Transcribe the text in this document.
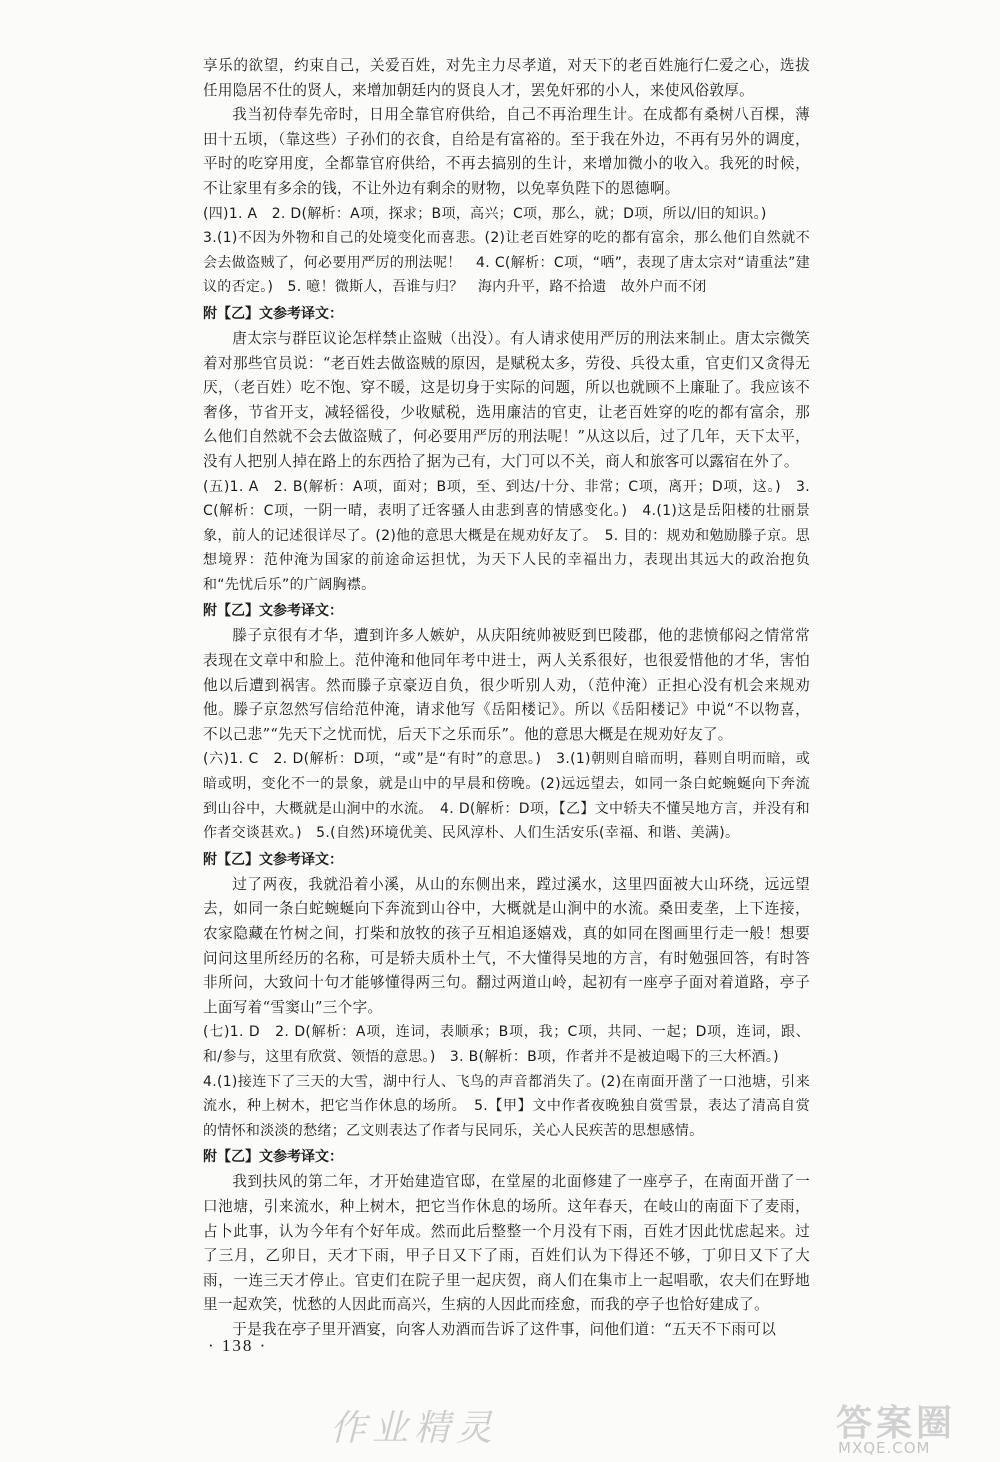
享乐的欲望，约束自己，关爱百姓，对先主力尽孝道，对天下的老百姓施行仁爱之心，选拔任用隐居不仕的贤人，来增加朝廷内的贤良人才，罢免奸邪的小人，来使风俗敦厚。

我当初侍奉先帝时，日用全靠官府供给，自己不再治理生计。在成都有桑树八百棵，薄田十五顷，（靠这些）子孙们的衣食，自给是有富裕的。至于我在外边，不再有另外的调度，平时的吃穿用度，全都靠官府供给，不再去搞别的生计，来增加微小的收入。我死的时候，不让家里有多余的钱，不让外边有剩余的财物，以免辜负陛下的恩德啊。

(四)1. A　2. D(解析：A项，探求；B项，高兴；C项，那么，就；D项，所以/旧的知识。)

3.(1)不因为外物和自己的处境变化而喜悲。(2)让老百姓穿的吃的都有富余，那么他们自然就不会去做盗贼了，何必要用严厉的刑法呢！　4. C(解析：C项，“哂”，表现了唐太宗对“请重法”建议的否定。)　5. 噫！微斯人，吾谁与归？　海内升平，路不拾遗　故外户而不闭

附【乙】文参考译文：

唐太宗与群臣议论怎样禁止盗贼（出没）。有人请求使用严厉的刑法来制止。唐太宗微笑着对那些官员说：“老百姓去做盗贼的原因，是赋税太多，劳役、兵役太重，官吏们又贪得无厌，（老百姓）吃不饱、穿不暖，这是切身于实际的问题，所以也就顾不上廉耻了。我应该不奢侈，节省开支，减轻徭役，少收赋税，选用廉洁的官吏，让老百姓穿的吃的都有富余，那么他们自然就不会去做盗贼了，何必要用严厉的刑法呢！”从这以后，过了几年，天下太平，没有人把别人掉在路上的东西拾了据为己有，大门可以不关，商人和旅客可以露宿在外了。

(五)1. A　2. B(解析：A项，面对；B项，至、到达/十分、非常；C项，离开；D项，这。)　3. C(解析：C项，一阴一晴，表明了迁客骚人由悲到喜的情感变化。)　4.(1)这是岳阳楼的壮丽景象，前人的记述很详尽了。(2)他的意思大概是在规劝好友了。　5. 目的：规劝和勉励滕子京。思想境界：范仲淹为国家的前途命运担忧，为天下人民的幸福出力，表现出其远大的政治抱负和“先忧后乐”的广阔胸襟。

附【乙】文参考译文：

滕子京很有才华，遭到许多人嫉妒，从庆阳统帅被贬到巴陵郡，他的悲愤郁闷之情常常表现在文章中和脸上。范仲淹和他同年考中进士，两人关系很好，也很爱惜他的才华，害怕他以后遭到祸害。然而滕子京豪迈自负，很少听别人劝，（范仲淹）正担心没有机会来规劝他。滕子京忽然写信给范仲淹，请求他写《岳阳楼记》。所以《岳阳楼记》中说“不以物喜，不以己悲”“先天下之忧而忧，后天下之乐而乐”。他的意思大概是在规劝好友了。

(六)1. C　2. D(解析：D项，“或”是“有时”的意思。)　3.(1)朝则自暗而明，暮则自明而暗，或暗或明，变化不一的景象，就是山中的早晨和傍晚。(2)远远望去，如同一条白蛇蜿蜒向下奔流到山谷中，大概就是山涧中的水流。　4. D(解析：D项，【乙】文中轿夫不懂吴地方言，并没有和作者交谈甚欢。)　5.(自然)环境优美、民风淳朴、人们生活安乐(幸福、和谐、美满)。

附【乙】文参考译文：

过了两夜，我就沿着小溪，从山的东侧出来，蹚过溪水，这里四面被大山环绕，远远望去，如同一条白蛇蜿蜒向下奔流到山谷中，大概就是山涧中的水流。桑田麦垄，上下连接，农家隐藏在竹树之间，打柴和放牧的孩子互相追逐嬉戏，真的如同在图画里行走一般！想要问问这里所经历的名称，可是轿夫质朴土气，不大懂得吴地的方言，有时勉强回答，有时答非所问，大致问十句才能够懂得两三句。翻过两道山岭，起初有一座亭子面对着道路，亭子上面写着“雪窦山”三个字。

(七)1. D　2. D(解析：A项，连词，表顺承；B项，我；C项，共同、一起；D项，连词，跟、和/参与，这里有欣赏、领悟的意思。)　3. B(解析：B项，作者并不是被迫喝下的三大杯酒。)

4.(1)接连下了三天的大雪，湖中行人、飞鸟的声音都消失了。(2)在南面开凿了一口池塘，引来流水，种上树木，把它当作休息的场所。　5.【甲】文中作者夜晚独自赏雪景，表达了清高自赏的情怀和淡淡的愁绪；乙文则表达了作者与民同乐，关心人民疾苦的思想感情。

附【乙】文参考译文：

我到扶风的第二年，才开始建造官邸，在堂屋的北面修建了一座亭子，在南面开凿了一口池塘，引来流水，种上树木，把它当作休息的场所。这年春天，在岐山的南面下了麦雨，占卜此事，认为今年有个好年成。然而此后整整一个月没有下雨，百姓才因此忧虑起来。过了三月，乙卯日，天才下雨，甲子日又下了雨，百姓们认为下得还不够，丁卯日又下了大雨，一连三天才停止。官吏们在院子里一起庆贺，商人们在集市上一起唱歌，农夫们在野地里一起欢笑，忧愁的人因此而高兴，生病的人因此而痊愈，而我的亭子也恰好建成了。

于是我在亭子里开酒宴，向客人劝酒而告诉了这件事，问他们道：“五天不下雨可以

· 138 ·
作业精灵	答案圈
MXQE.COM
